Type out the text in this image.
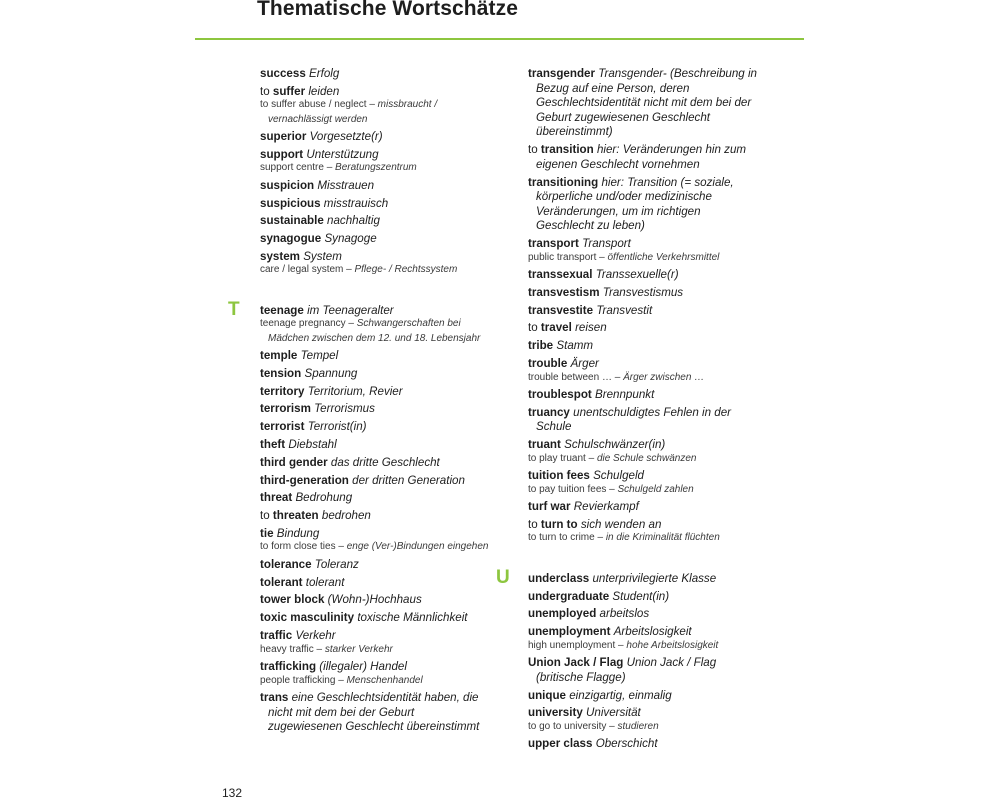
Thematische Wortschätze
success Erfolg
to suffer leiden
to suffer abuse / neglect – missbraucht / vernachlässigt werden
superior Vorgesetzte(r)
support Unterstützung
support centre – Beratungszentrum
suspicion Misstrauen
suspicious misstrauisch
sustainable nachhaltig
synagogue Synagoge
system System
care / legal system – Pflege- / Rechtssystem
T teenage im Teenageralter
teenage pregnancy – Schwangerschaften bei Mädchen zwischen dem 12. und 18. Lebensjahr
temple Tempel
tension Spannung
territory Territorium, Revier
terrorism Terrorismus
terrorist Terrorist(in)
theft Diebstahl
third gender das dritte Geschlecht
third-generation der dritten Generation
threat Bedrohung
to threaten bedrohen
tie Bindung
to form close ties – enge (Ver-)Bindungen eingehen
tolerance Toleranz
tolerant tolerant
tower block (Wohn-)Hochhaus
toxic masculinity toxische Männlichkeit
traffic Verkehr
heavy traffic – starker Verkehr
trafficking (illegaler) Handel
people trafficking – Menschenhandel
trans eine Geschlechtsidentität haben, die nicht mit dem bei der Geburt zugewiesenen Geschlecht übereinstimmt
transgender Transgender- (Beschreibung in Bezug auf eine Person, deren Geschlechtsidentität nicht mit dem bei der Geburt zugewiesenen Geschlecht übereinstimmt)
to transition hier: Veränderungen hin zum eigenen Geschlecht vornehmen
transitioning hier: Transition (= soziale, körperliche und/oder medizinische Veränderungen, um im richtigen Geschlecht zu leben)
transport Transport
public transport – öffentliche Verkehrsmittel
transsexual Transsexuelle(r)
transvestism Transvestismus
transvestite Transvestit
to travel reisen
tribe Stamm
trouble Ärger
trouble between … – Ärger zwischen …
troublespot Brennpunkt
truancy unentschuldigtes Fehlen in der Schule
truant Schulschwänzer(in)
to play truant – die Schule schwänzen
tuition fees Schulgeld
to pay tuition fees – Schulgeld zahlen
turf war Revierkampf
to turn to sich wenden an
to turn to crime – in die Kriminalität flüchten
U underclass unterprivilegierte Klasse
undergraduate Student(in)
unemployed arbeitslos
unemployment Arbeitslosigkeit
high unemployment – hohe Arbeitslosigkeit
Union Jack / Flag Union Jack / Flag (britische Flagge)
unique einzigartig, einmalig
university Universität
to go to university – studieren
upper class Oberschicht
132
